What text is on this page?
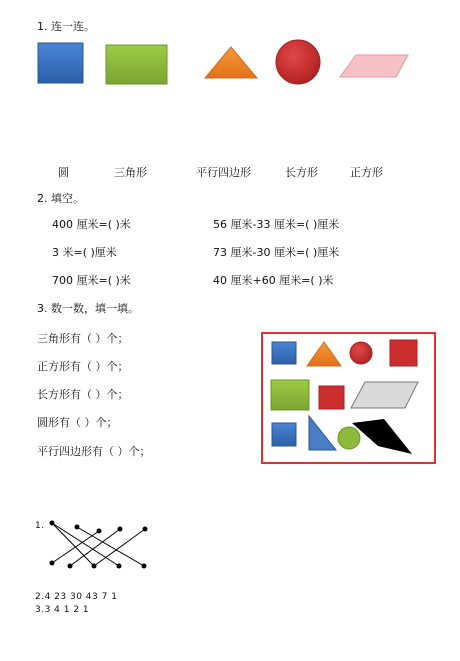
1. 连一连。
圆	三角形	平行四边形	长方形	正方形
2. 填空。
400 厘米=( )米	56 厘米-33 厘米=( )厘米
3 米=( )厘米	73 厘米-30 厘米=( )厘米
700 厘米=( )米	40 厘米+60 厘米=( )米
3. 数一数，填一填。
三角形有（ ）个；
正方形有（ ）个；
长方形有（ ）个；
圆形有（ ）个；
平行四边形有（ ）个；
1.
2.4 23 30 43 7 1
3.3 4 1 2 1
